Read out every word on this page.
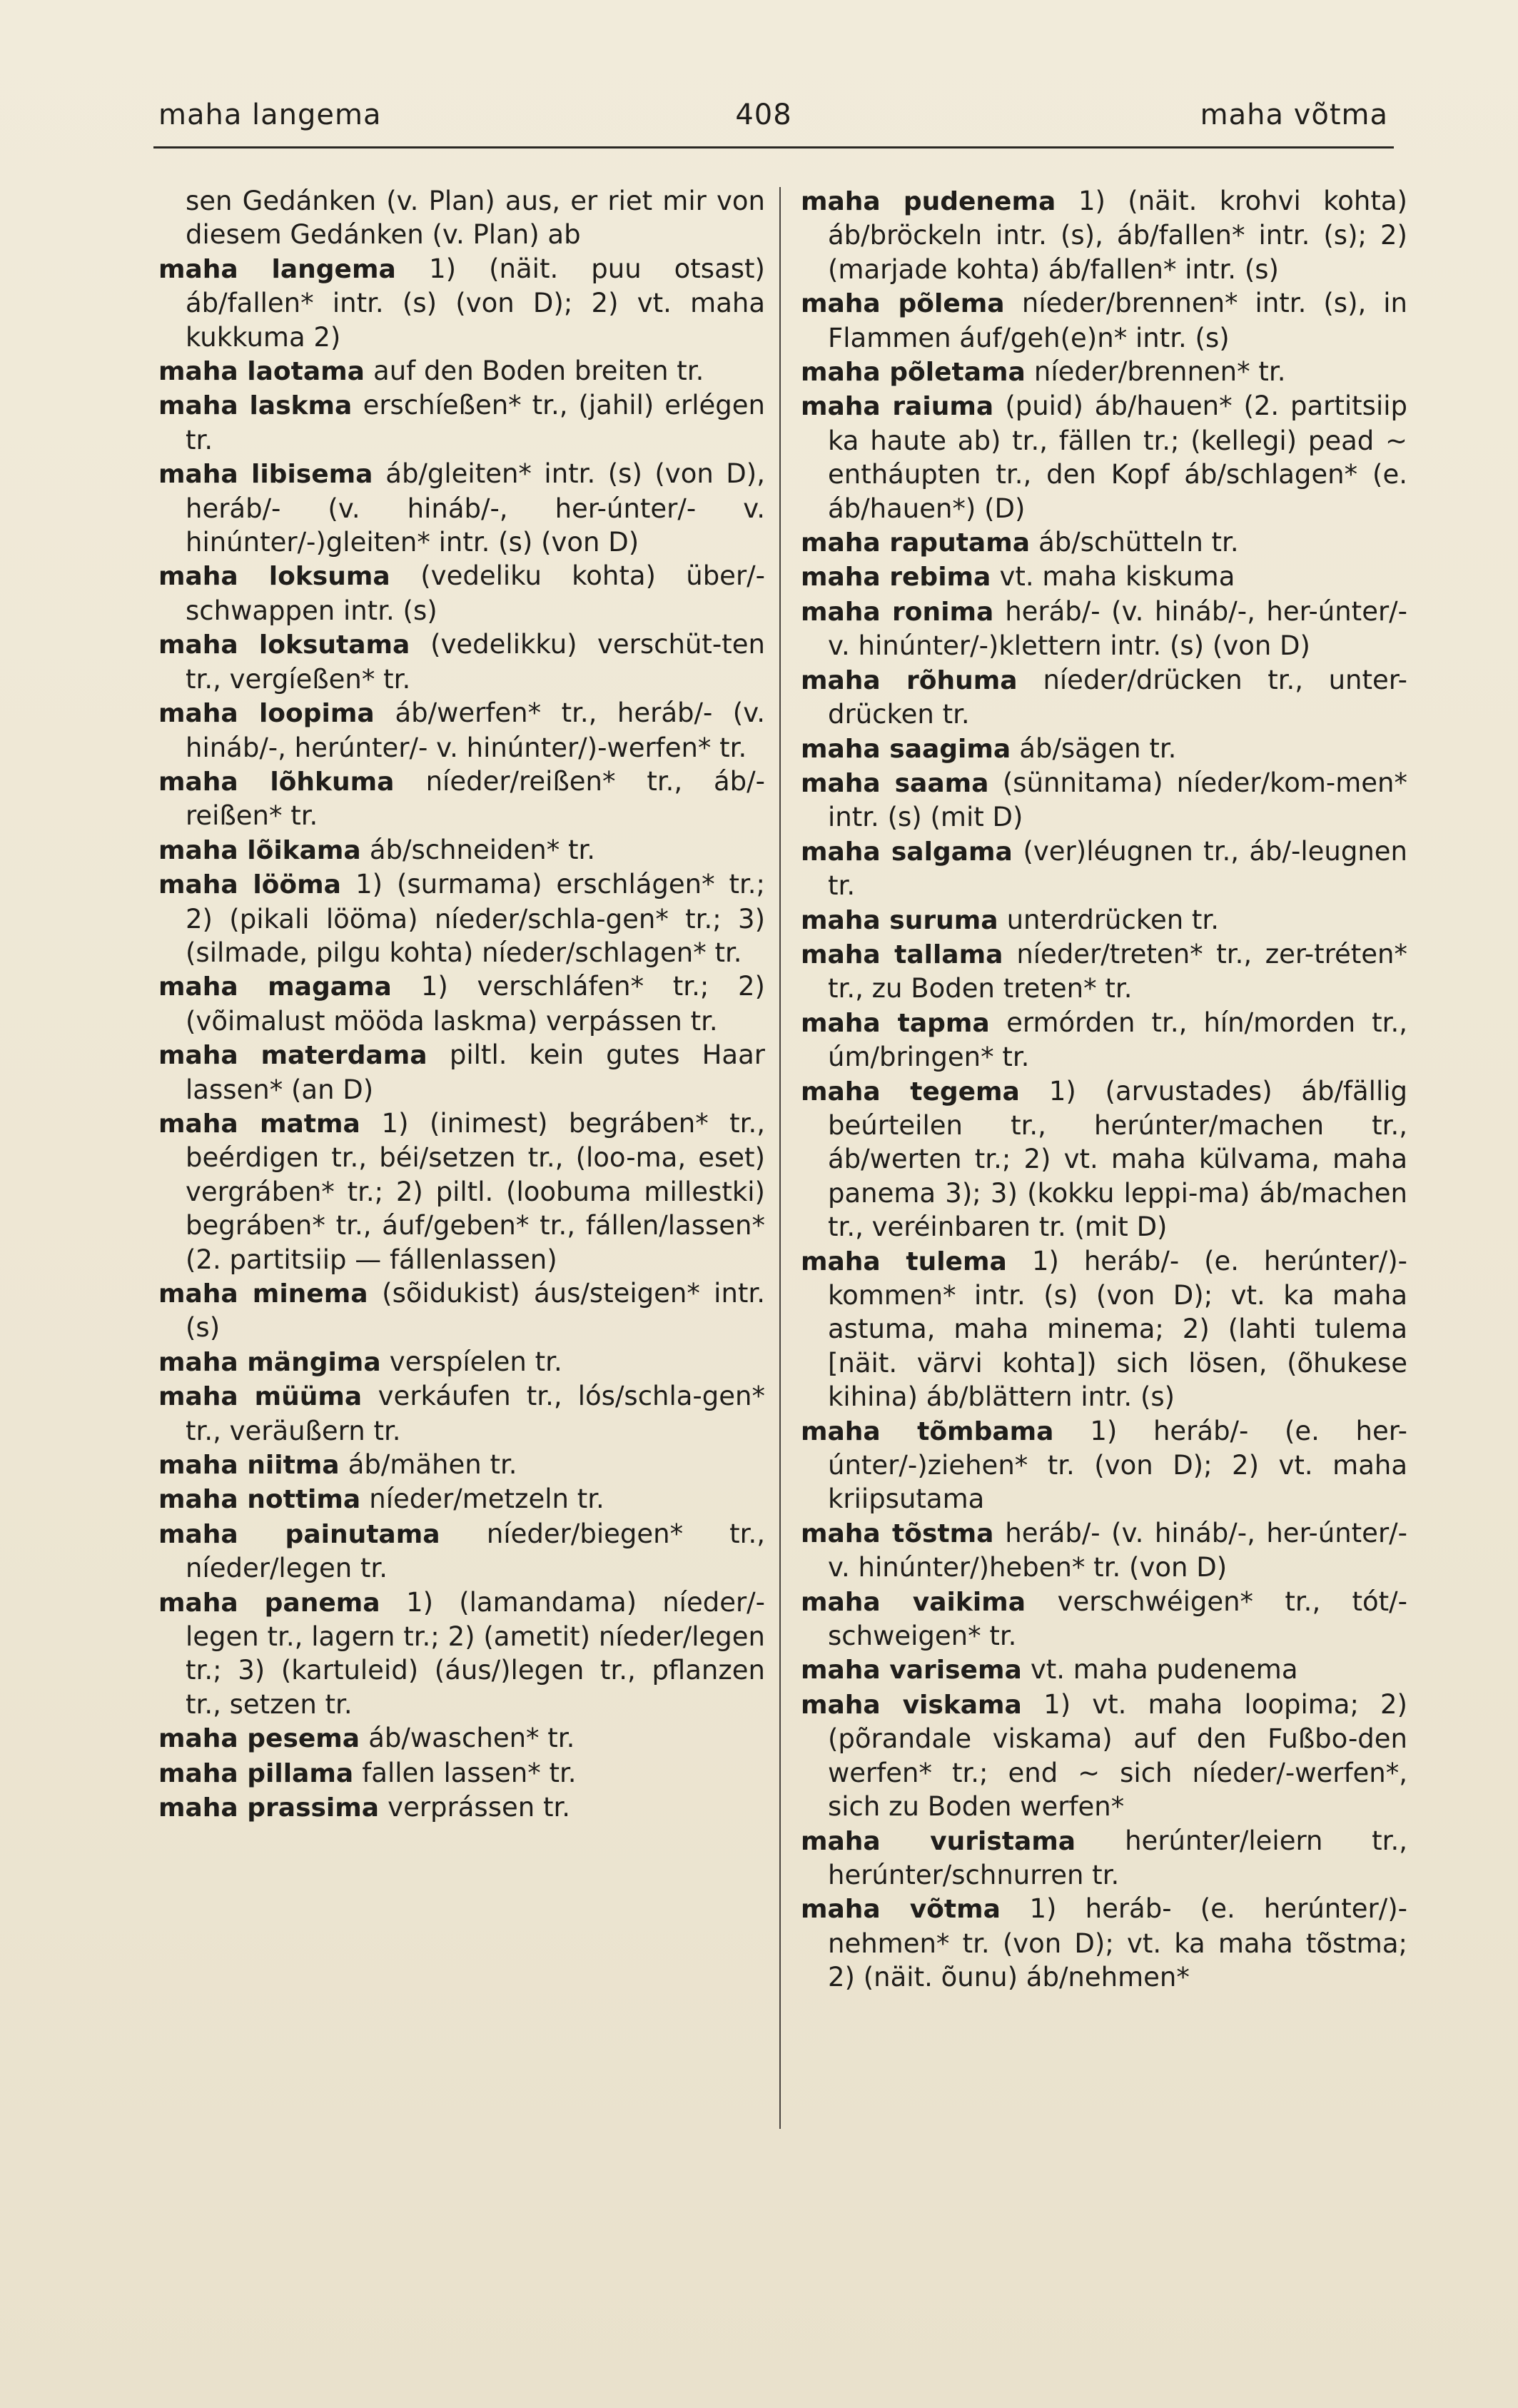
maha langema	408	maha võtma

sen Gedánken (v. Plan) aus, er riet mir von diesem Gedánken (v. Plan) ab

maha langema 1) (näit. puu otsast) áb/fallen* intr. (s) (von D); 2) vt. maha kukkuma 2)

maha laotama auf den Boden breiten tr.

maha laskma erschíeßen* tr., (jahil) erlégen tr.

maha libisema áb/gleiten* intr. (s) (von D), heráb/- (v. hináb/-, her-únter/- v. hinúnter/-)gleiten* intr. (s) (von D)

maha loksuma (vedeliku kohta) über/-schwappen intr. (s)

maha loksutama (vedelikku) verschüt-ten tr., vergíeßen* tr.

maha loopima áb/werfen* tr., heráb/- (v. hináb/-, herúnter/- v. hinúnter/)-werfen* tr.

maha lõhkuma níeder/reißen* tr., áb/-reißen* tr.

maha lõikama áb/schneiden* tr.

maha lööma 1) (surmama) erschlágen* tr.; 2) (pikali lööma) níeder/schla-gen* tr.; 3) (silmade, pilgu kohta) níeder/schlagen* tr.

maha magama 1) verschláfen* tr.; 2) (võimalust mööda laskma) verpássen tr.

maha materdama piltl. kein gutes Haar lassen* (an D)

maha matma 1) (inimest) begráben* tr., beérdigen tr., béi/setzen tr., (loo-ma, eset) vergráben* tr.; 2) piltl. (loobuma millestki) begráben* tr., áuf/geben* tr., fállen/lassen* (2. partitsiip — fállenlassen)

maha minema (sõidukist) áus/steigen* intr. (s)

maha mängima verspíelen tr.

maha müüma verkáufen tr., lós/schla-gen* tr., veräußern tr.

maha niitma áb/mähen tr.

maha nottima níeder/metzeln tr.

maha painutama níeder/biegen* tr., níeder/legen tr.

maha panema 1) (lamandama) níeder/-legen tr., lagern tr.; 2) (ametit) níeder/legen tr.; 3) (kartuleid) (áus/)legen tr., pflanzen tr., setzen tr.

maha pesema áb/waschen* tr.

maha pillama fallen lassen* tr.

maha prassima verprássen tr.

maha pudenema 1) (näit. krohvi kohta) áb/bröckeln intr. (s), áb/fallen* intr. (s); 2) (marjade kohta) áb/fallen* intr. (s)

maha põlema níeder/brennen* intr. (s), in Flammen áuf/geh(e)n* intr. (s)

maha põletama níeder/brennen* tr.

maha raiuma (puid) áb/hauen* (2. partitsiip ka haute ab) tr., fällen tr.; (kellegi) pead ~ entháupten tr., den Kopf áb/schlagen* (e. áb/hauen*) (D)

maha raputama áb/schütteln tr.

maha rebima vt. maha kiskuma

maha ronima heráb/- (v. hináb/-, her-únter/- v. hinúnter/-)klettern intr. (s) (von D)

maha rõhuma níeder/drücken tr., unter-drücken tr.

maha saagima áb/sägen tr.

maha saama (sünnitama) níeder/kom-men* intr. (s) (mit D)

maha salgama (ver)léugnen tr., áb/-leugnen tr.

maha suruma unterdrücken tr.

maha tallama níeder/treten* tr., zer-tréten* tr., zu Boden treten* tr.

maha tapma ermórden tr., hín/morden tr., úm/bringen* tr.

maha tegema 1) (arvustades) áb/fällig beúrteilen tr., herúnter/machen tr., áb/werten tr.; 2) vt. maha külvama, maha panema 3); 3) (kokku leppi-ma) áb/machen tr., veréinbaren tr. (mit D)

maha tulema 1) heráb/- (e. herúnter/)-kommen* intr. (s) (von D); vt. ka maha astuma, maha minema; 2) (lahti tulema [näit. värvi kohta]) sich lösen, (õhukese kihina) áb/blättern intr. (s)

maha tõmbama 1) heráb/- (e. her-únter/-)ziehen* tr. (von D); 2) vt. maha kriipsutama

maha tõstma heráb/- (v. hináb/-, her-únter/- v. hinúnter/)heben* tr. (von D)

maha vaikima verschwéigen* tr., tót/-schweigen* tr.

maha varisema vt. maha pudenema

maha viskama 1) vt. maha loopima; 2) (põrandale viskama) auf den Fußbo-den werfen* tr.; end ~ sich níeder/-werfen*, sich zu Boden werfen*

maha vuristama herúnter/leiern tr., herúnter/schnurren tr.

maha võtma 1) heráb- (e. herúnter/)-nehmen* tr. (von D); vt. ka maha tõstma; 2) (näit. õunu) áb/nehmen*
